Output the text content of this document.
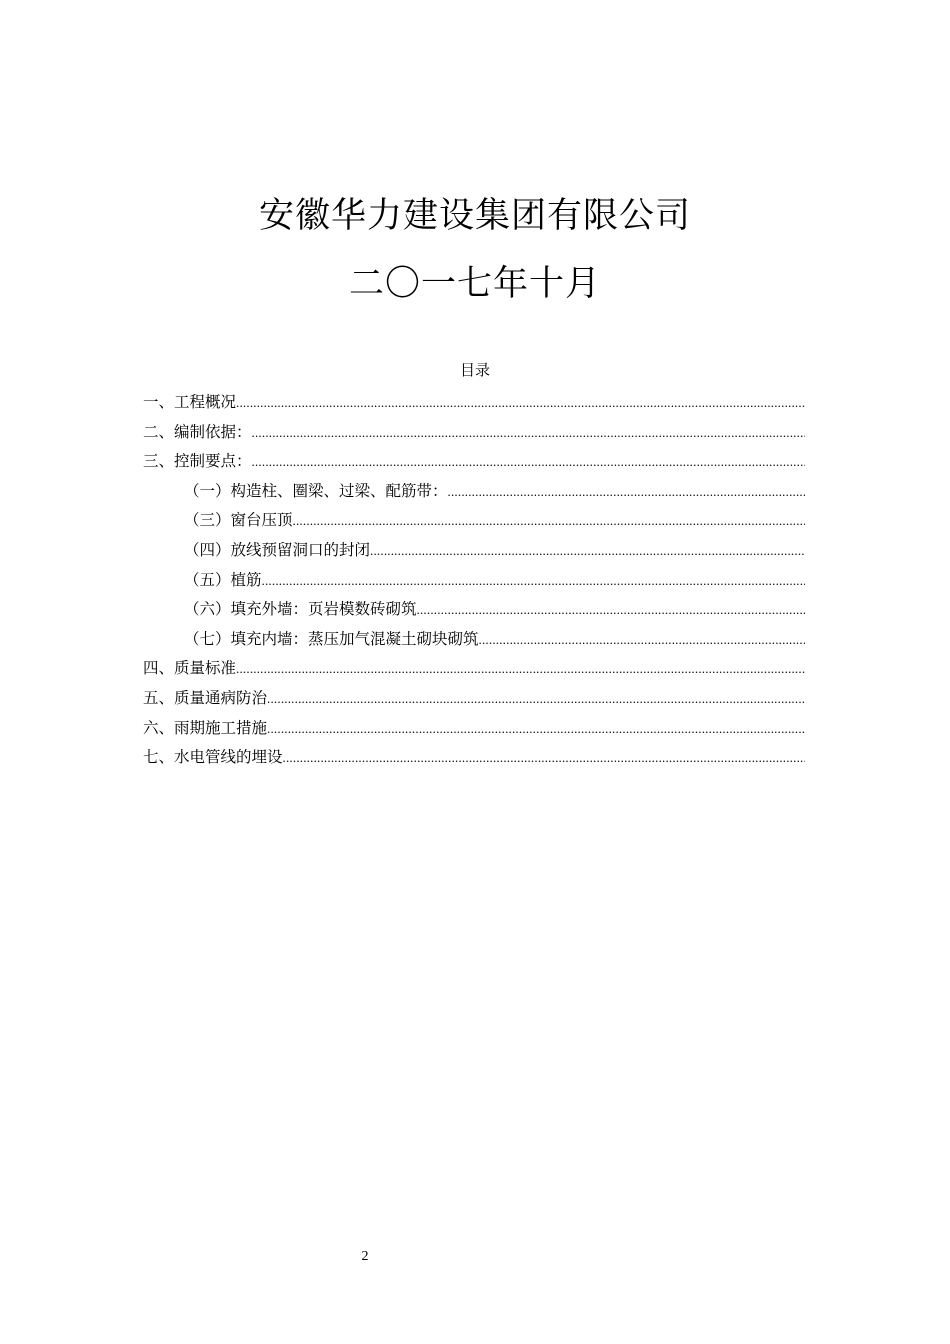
安徽华力建设集团有限公司
二〇一七年十月
目录
一、工程概况
.....
二、编制依据：
.....
三、控制要点：
.....
（一）构造柱、圈梁、过梁、配筋带：
.....
（三）窗台压顶
.....
（四）放线预留洞口的封闭
.....
（五）植筋
.....
（六）填充外墙：页岩模数砖砌筑
.....
（七）填充内墙：蒸压加气混凝土砌块砌筑
.....
四、质量标准
.....
五、质量通病防治
.....
六、雨期施工措施
.....
七、水电管线的埋设
.....
2
